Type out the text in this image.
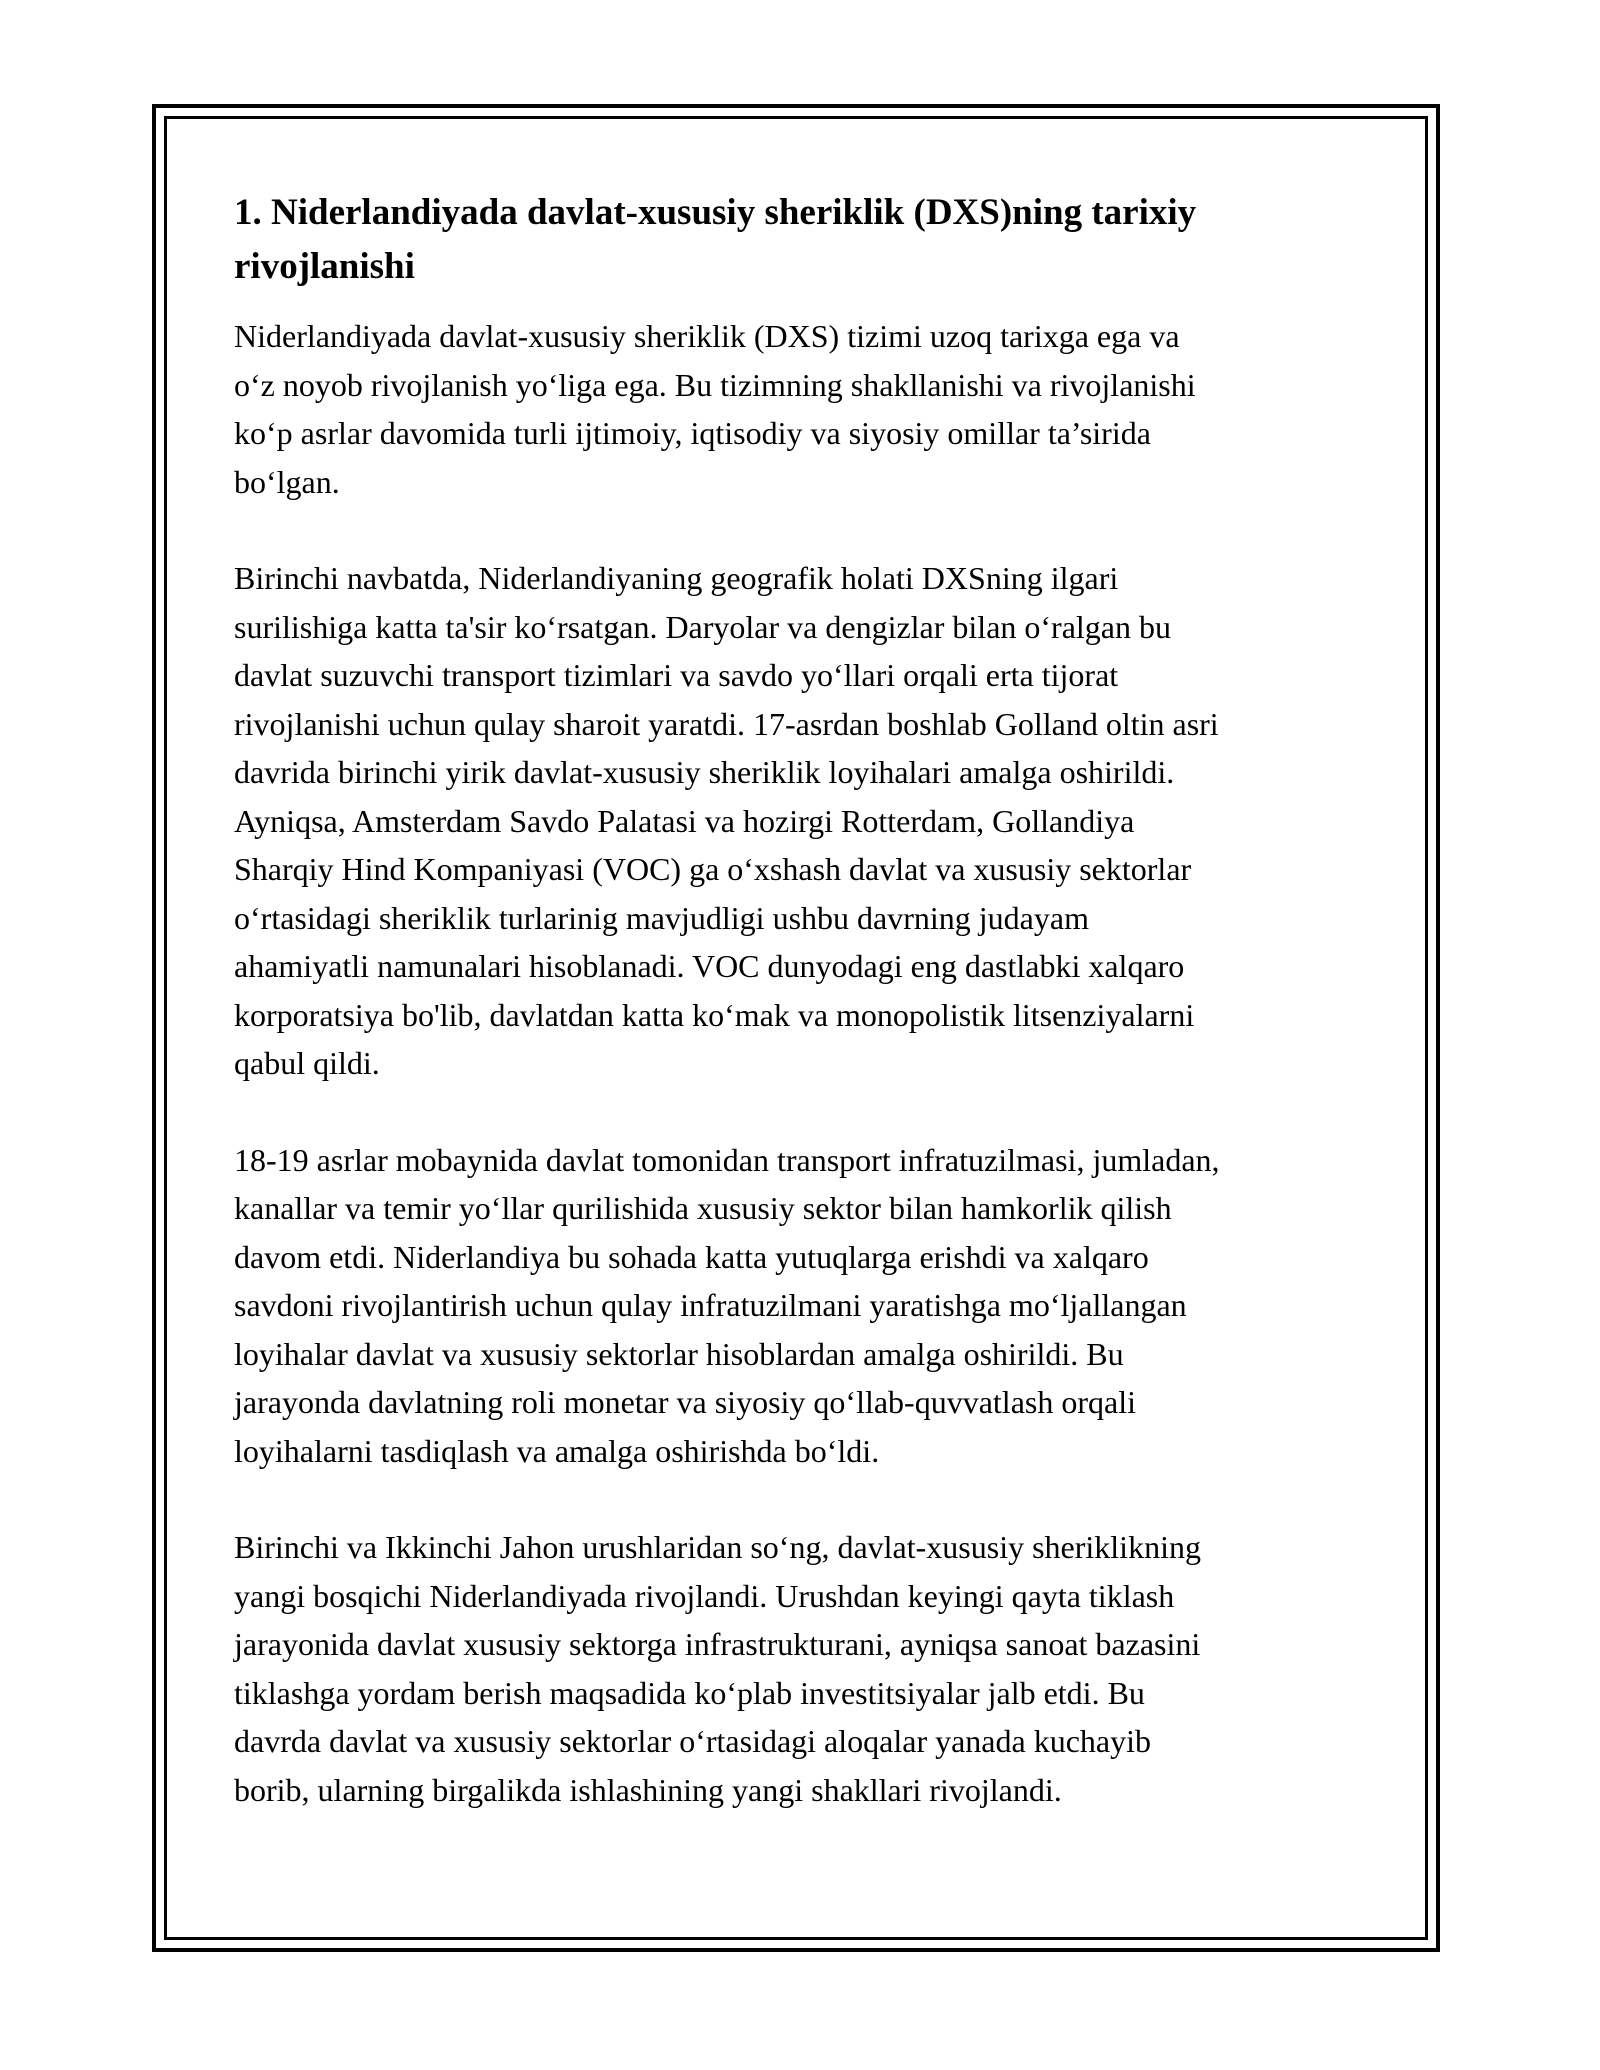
1. Niderlandiyada davlat-xususiy sheriklik (DXS)ning tarixiy
rivojlanishi

Niderlandiyada davlat-xususiy sheriklik (DXS) tizimi uzoq tarixga ega va
o‘z noyob rivojlanish yo‘liga ega. Bu tizimning shakllanishi va rivojlanishi
ko‘p asrlar davomida turli ijtimoiy, iqtisodiy va siyosiy omillar ta’sirida
bo‘lgan.

Birinchi navbatda, Niderlandiyaning geografik holati DXSning ilgari
surilishiga katta ta'sir ko‘rsatgan. Daryolar va dengizlar bilan o‘ralgan bu
davlat suzuvchi transport tizimlari va savdo yo‘llari orqali erta tijorat
rivojlanishi uchun qulay sharoit yaratdi. 17-asrdan boshlab Golland oltin asri
davrida birinchi yirik davlat-xususiy sheriklik loyihalari amalga oshirildi.
Ayniqsa, Amsterdam Savdo Palatasi va hozirgi Rotterdam, Gollandiya
Sharqiy Hind Kompaniyasi (VOC) ga o‘xshash davlat va xususiy sektorlar
o‘rtasidagi sheriklik turlarinig mavjudligi ushbu davrning judayam
ahamiyatli namunalari hisoblanadi. VOC dunyodagi eng dastlabki xalqaro
korporatsiya bo'lib, davlatdan katta ko‘mak va monopolistik litsenziyalarni
qabul qildi.

18-19 asrlar mobaynida davlat tomonidan transport infratuzilmasi, jumladan,
kanallar va temir yo‘llar qurilishida xususiy sektor bilan hamkorlik qilish
davom etdi. Niderlandiya bu sohada katta yutuqlarga erishdi va xalqaro
savdoni rivojlantirish uchun qulay infratuzilmani yaratishga mo‘ljallangan
loyihalar davlat va xususiy sektorlar hisoblardan amalga oshirildi. Bu
jarayonda davlatning roli monetar va siyosiy qo‘llab-quvvatlash orqali
loyihalarni tasdiqlash va amalga oshirishda bo‘ldi.

Birinchi va Ikkinchi Jahon urushlaridan so‘ng, davlat-xususiy sheriklikning
yangi bosqichi Niderlandiyada rivojlandi. Urushdan keyingi qayta tiklash
jarayonida davlat xususiy sektorga infrastrukturani, ayniqsa sanoat bazasini
tiklashga yordam berish maqsadida ko‘plab investitsiyalar jalb etdi. Bu
davrda davlat va xususiy sektorlar o‘rtasidagi aloqalar yanada kuchayib
borib, ularning birgalikda ishlashining yangi shakllari rivojlandi.
